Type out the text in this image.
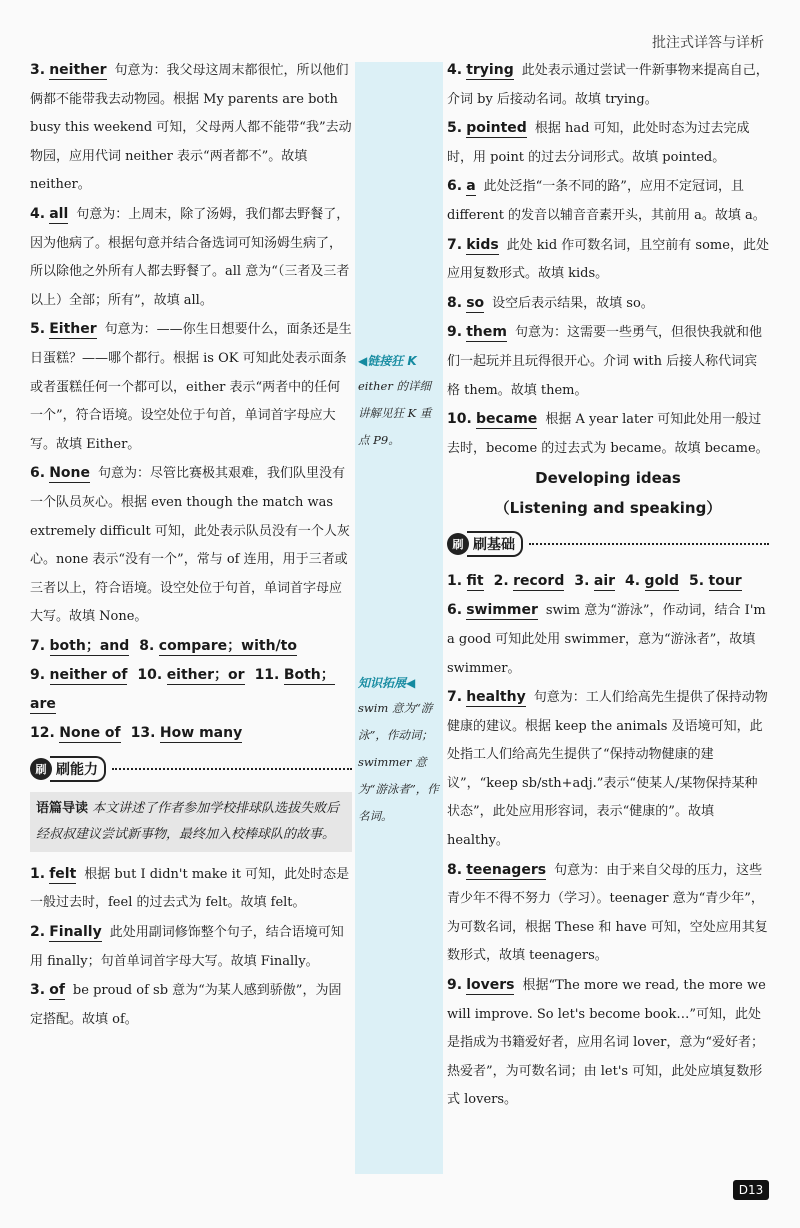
批注式详答与详析
◀链接狂 K
either 的详细讲解见狂 K 重点 P9。
知识拓展◀
swim 意为“游泳”，作动词；swimmer 意为“游泳者”，作名词。
3. neither 句意为：我父母这周末都很忙，所以他们俩都不能带我去动物园。根据 My parents are both busy this weekend 可知，父母两人都不能带“我”去动物园，应用代词 neither 表示“两者都不”。故填 neither。
4. all 句意为：上周末，除了汤姆，我们都去野餐了，因为他病了。根据句意并结合备选词可知汤姆生病了，所以除他之外所有人都去野餐了。all 意为“（三者及三者以上）全部；所有”，故填 all。
5. Either 句意为：——你生日想要什么，面条还是生日蛋糕？——哪个都行。根据 is OK 可知此处表示面条或者蛋糕任何一个都可以，either 表示“两者中的任何一个”，符合语境。设空处位于句首，单词首字母应大写。故填 Either。
6. None 句意为：尽管比赛极其艰难，我们队里没有一个队员灰心。根据 even though the match was extremely difficult 可知，此处表示队员没有一个人灰心。none 表示“没有一个”，常与 of 连用，用于三者或三者以上，符合语境。设空处位于句首，单词首字母应大写。故填 None。
7. both；and 8. compare；with/to
9. neither of 10. either；or 11. Both；are
12. None of 13. How many
刷 刷能力
语篇导读 本文讲述了作者参加学校排球队选拔失败后经叔叔建议尝试新事物，最终加入校棒球队的故事。
1. felt 根据 but I didn't make it 可知，此处时态是一般过去时，feel 的过去式为 felt。故填 felt。
2. Finally 此处用副词修饰整个句子，结合语境可知用 finally；句首单词首字母大写。故填 Finally。
3. of be proud of sb 意为“为某人感到骄傲”，为固定搭配。故填 of。
4. trying 此处表示通过尝试一件新事物来提高自己，介词 by 后接动名词。故填 trying。
5. pointed 根据 had 可知，此处时态为过去完成时，用 point 的过去分词形式。故填 pointed。
6. a 此处泛指“一条不同的路”，应用不定冠词，且 different 的发音以辅音音素开头，其前用 a。故填 a。
7. kids 此处 kid 作可数名词，且空前有 some，此处应用复数形式。故填 kids。
8. so 设空后表示结果，故填 so。
9. them 句意为：这需要一些勇气，但很快我就和他们一起玩并且玩得很开心。介词 with 后接人称代词宾格 them。故填 them。
10. became 根据 A year later 可知此处用一般过去时，become 的过去式为 became。故填 became。
Developing ideas
（Listening and speaking）
刷 刷基础
1. fit 2. record 3. air 4. gold 5. tour
6. swimmer swim 意为“游泳”，作动词，结合 I'm a good 可知此处用 swimmer，意为“游泳者”，故填 swimmer。
7. healthy 句意为：工人们给高先生提供了保持动物健康的建议。根据 keep the animals 及语境可知，此处指工人们给高先生提供了“保持动物健康的建议”，“keep sb/sth+adj.”表示“使某人/某物保持某种状态”，此处应用形容词，表示“健康的”。故填 healthy。
8. teenagers 句意为：由于来自父母的压力，这些青少年不得不努力（学习）。teenager 意为“青少年”，为可数名词，根据 These 和 have 可知，空处应用其复数形式，故填 teenagers。
9. lovers 根据“The more we read, the more we will improve. So let's become book…”可知，此处是指成为书籍爱好者，应用名词 lover，意为“爱好者；热爱者”，为可数名词；由 let's 可知，此处应填复数形式 lovers。
D13
